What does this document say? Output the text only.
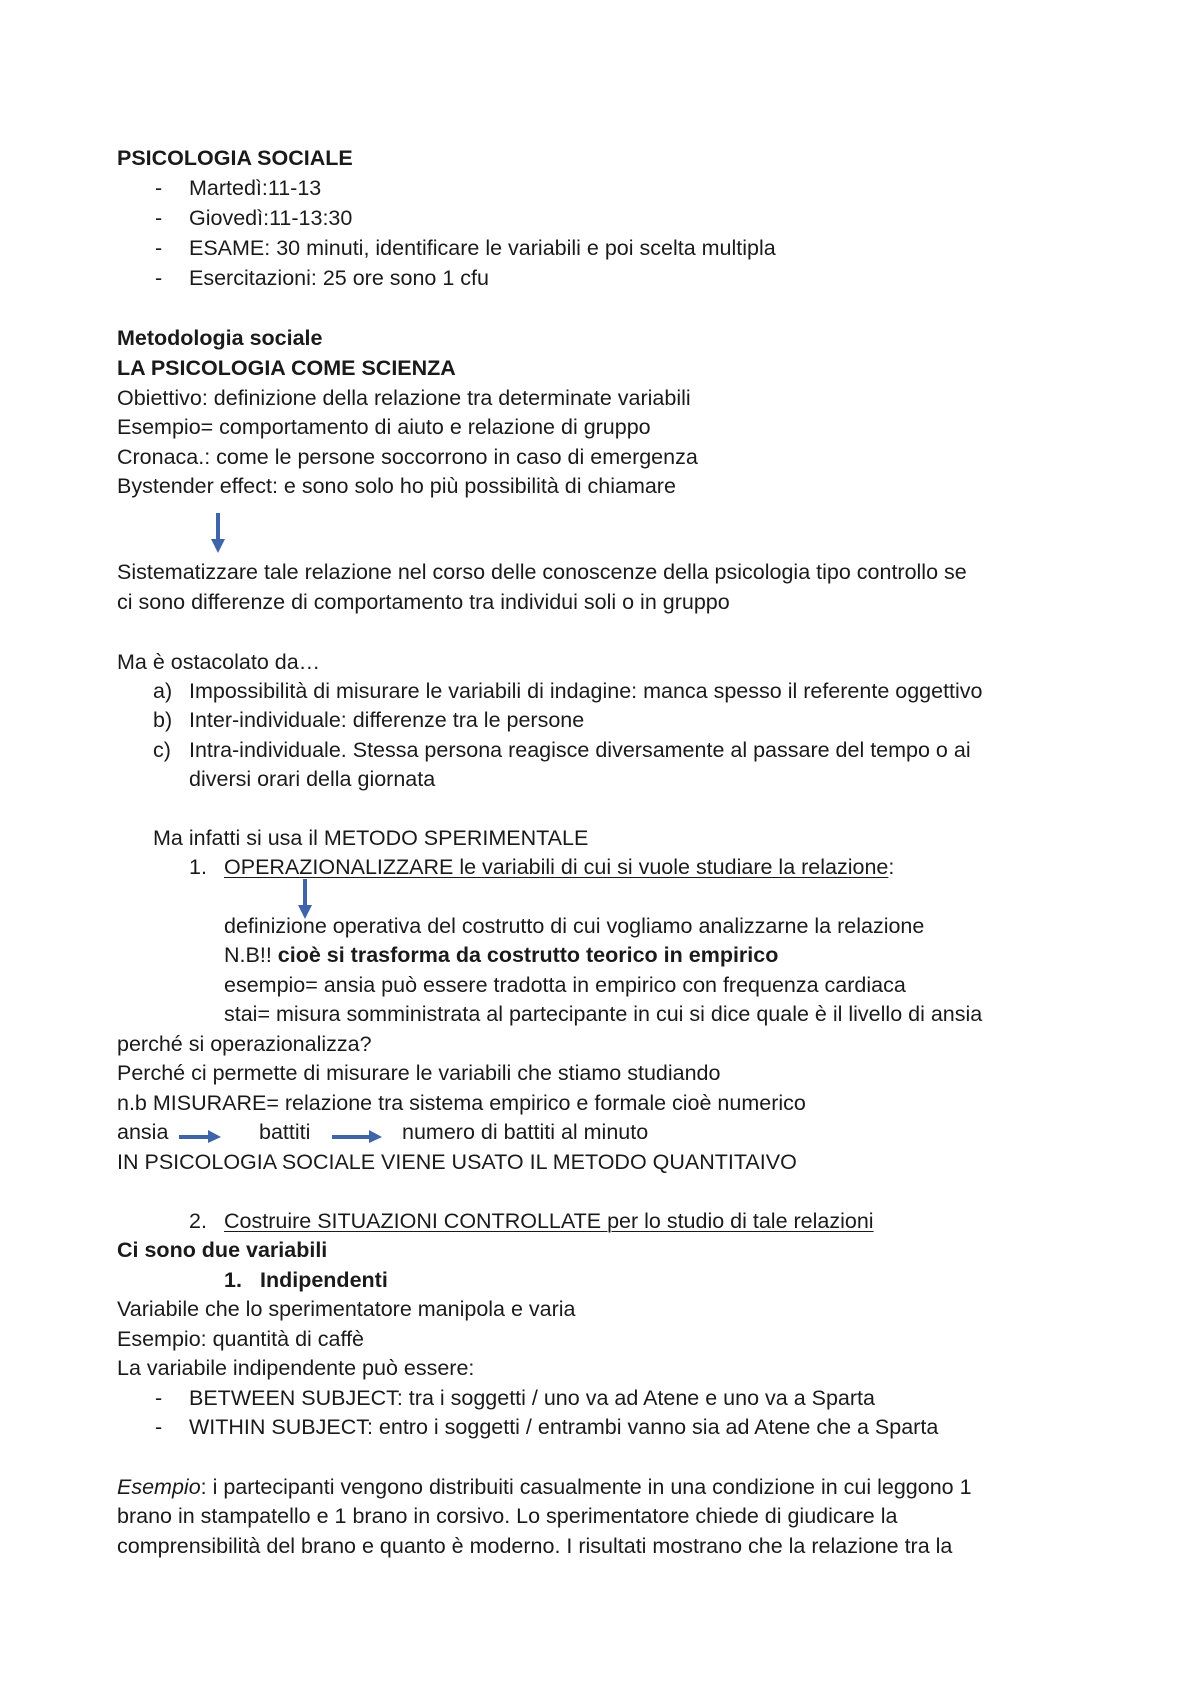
PSICOLOGIA SOCIALE
- Martedì:11-13
- Giovedì:11-13:30
- ESAME: 30 minuti, identificare le variabili e poi scelta multipla
- Esercitazioni: 25 ore sono 1 cfu
Metodologia sociale
LA PSICOLOGIA COME SCIENZA
Obiettivo: definizione della relazione tra determinate variabili
Esempio= comportamento di aiuto e relazione di gruppo
Cronaca.: come le persone soccorrono in caso di emergenza
Bystender effect: e sono solo ho più possibilità di chiamare
Sistematizzare tale relazione nel corso delle conoscenze della psicologia tipo controllo se
ci sono differenze di comportamento tra individui soli o in gruppo
Ma è ostacolato da…
a) Impossibilità di misurare le variabili di indagine: manca spesso il referente oggettivo
b) Inter-individuale: differenze tra le persone
c) Intra-individuale. Stessa persona reagisce diversamente al passare del tempo o ai
diversi orari della giornata
Ma infatti si usa il METODO SPERIMENTALE
1. OPERAZIONALIZZARE le variabili di cui si vuole studiare la relazione:
definizione operativa del costrutto di cui vogliamo analizzarne la relazione
N.B!! cioè si trasforma da costrutto teorico in empirico
esempio= ansia può essere tradotta in empirico con frequenza cardiaca
stai= misura somministrata al partecipante in cui si dice quale è il livello di ansia
perché si operazionalizza?
Perché ci permette di misurare le variabili che stiamo studiando
n.b MISURARE= relazione tra sistema empirico e formale cioè numerico
ansia	battiti	numero di battiti al minuto
IN PSICOLOGIA SOCIALE VIENE USATO IL METODO QUANTITAIVO
2. Costruire SITUAZIONI CONTROLLATE per lo studio di tale relazioni
Ci sono due variabili
1. Indipendenti
Variabile che lo sperimentatore manipola e varia
Esempio: quantità di caffè
La variabile indipendente può essere:
- BETWEEN SUBJECT: tra i soggetti / uno va ad Atene e uno va a Sparta
- WITHIN SUBJECT: entro i soggetti / entrambi vanno sia ad Atene che a Sparta
Esempio: i partecipanti vengono distribuiti casualmente in una condizione in cui leggono 1
brano in stampatello e 1 brano in corsivo. Lo sperimentatore chiede di giudicare la
comprensibilità del brano e quanto è moderno. I risultati mostrano che la relazione tra la
